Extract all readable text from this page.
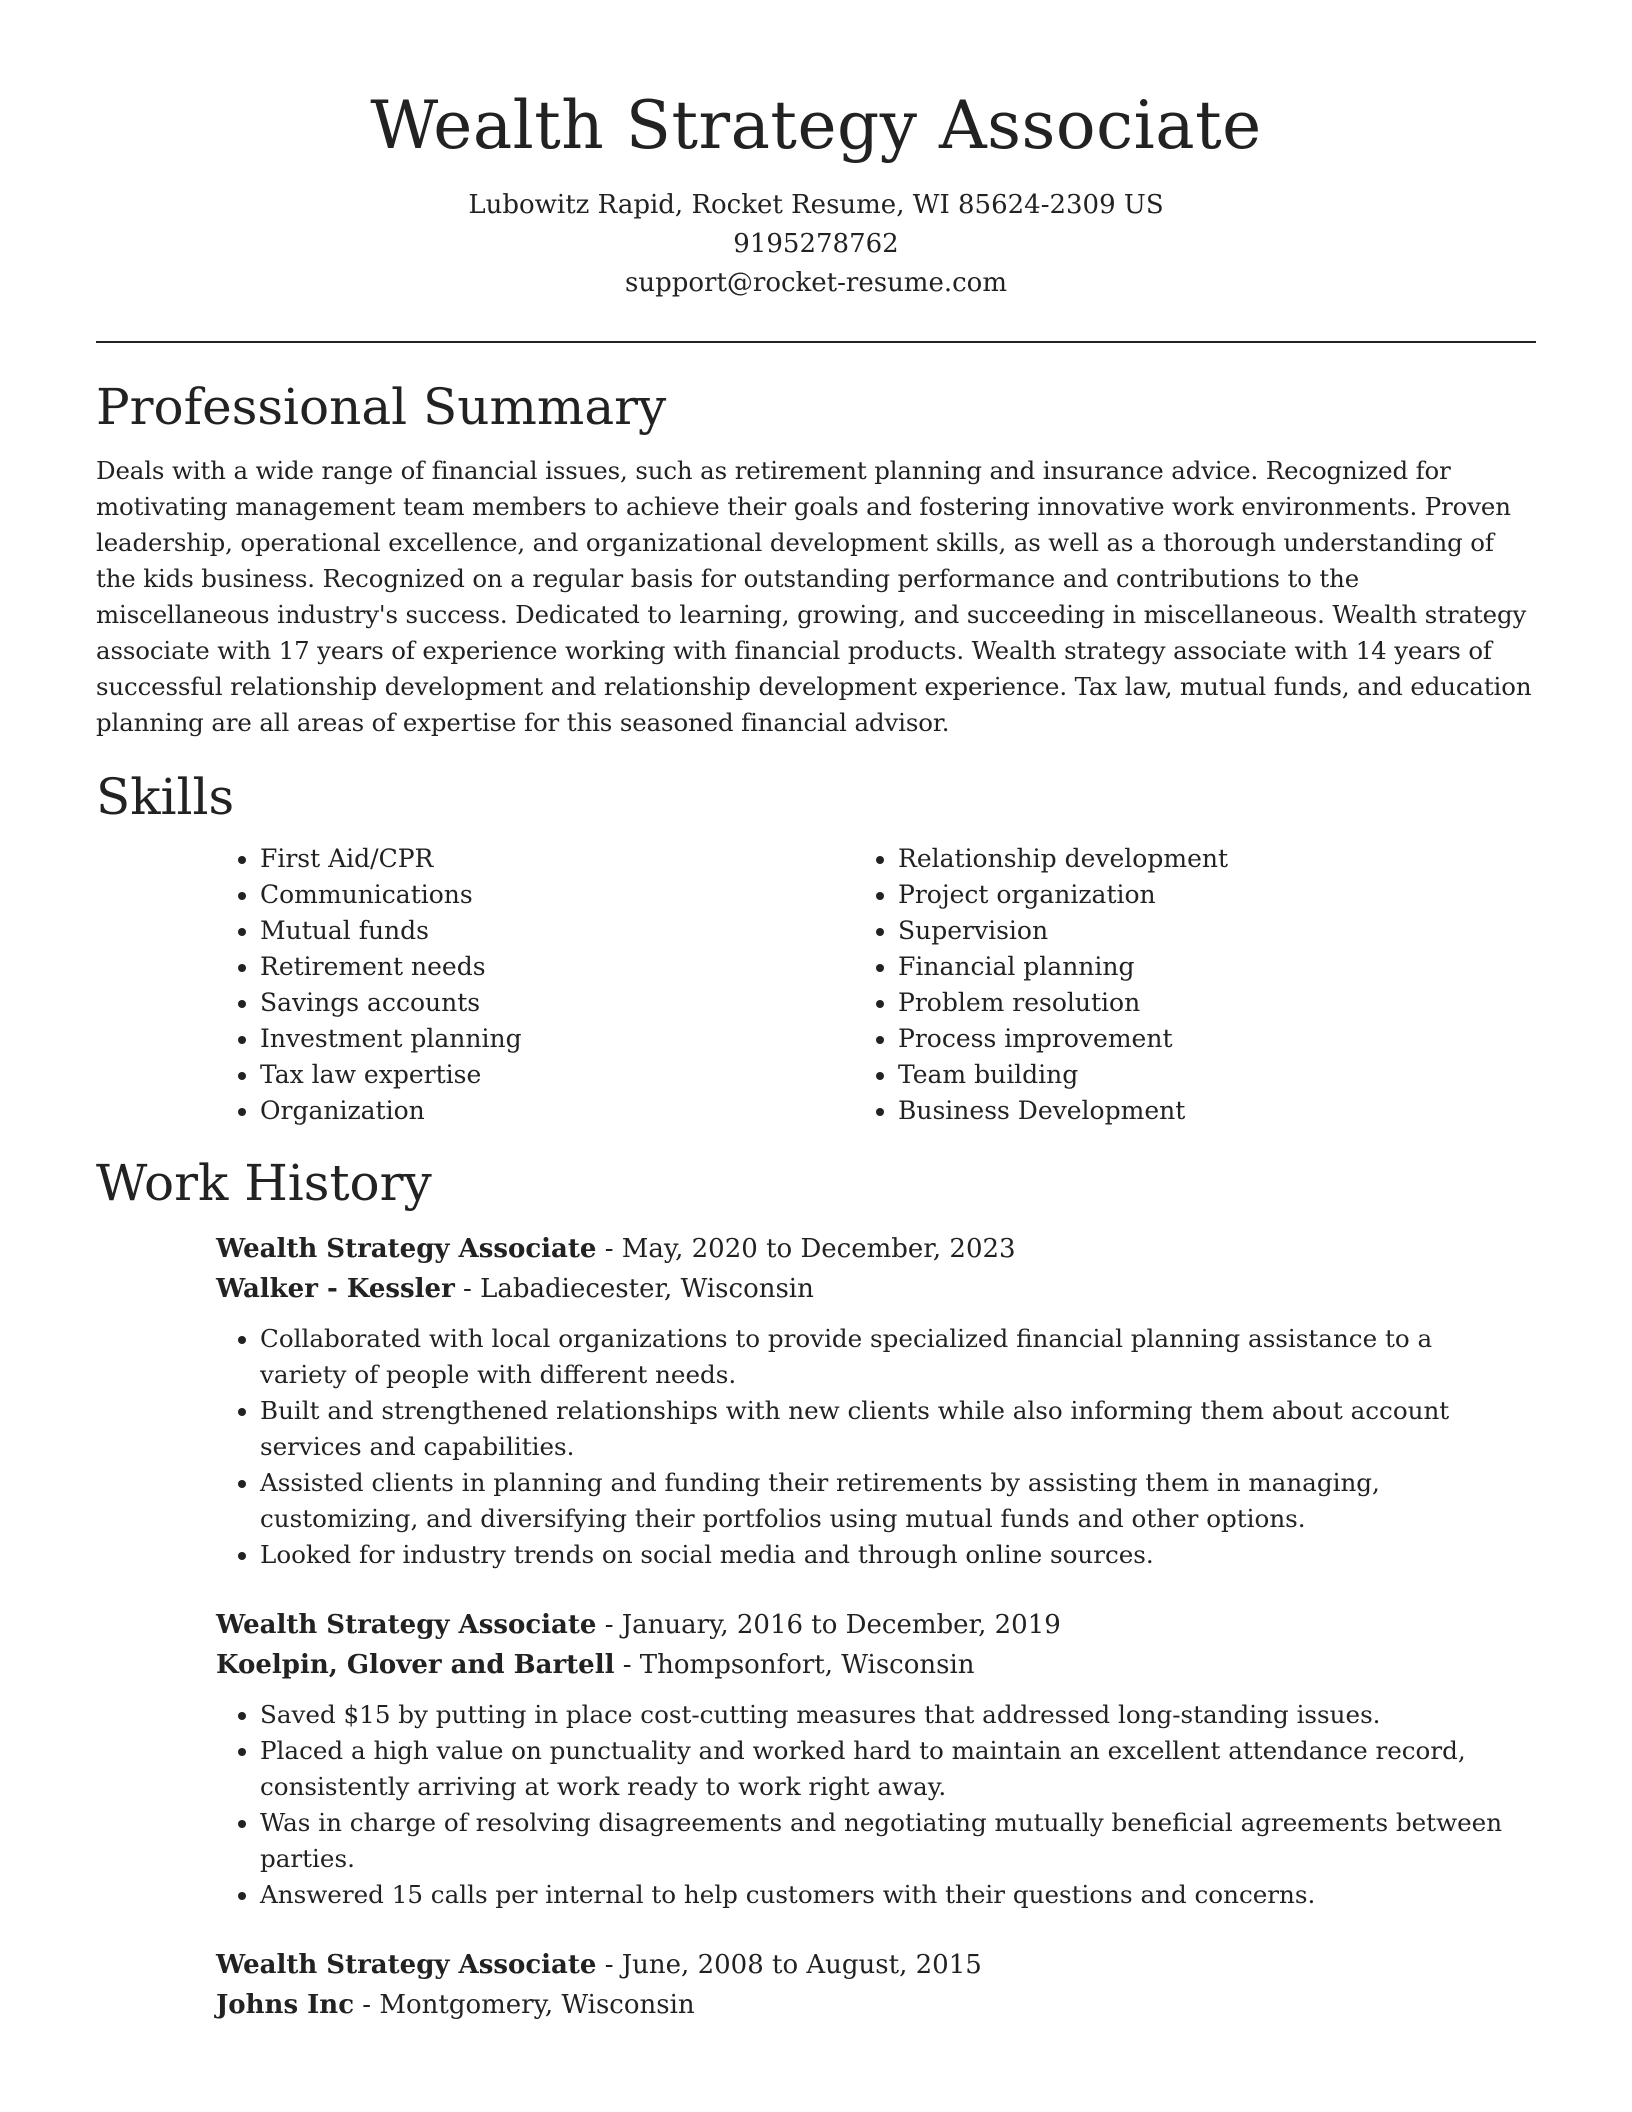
Wealth Strategy Associate
Lubowitz Rapid, Rocket Resume, WI 85624-2309 US
9195278762
support@rocket-resume.com
Professional Summary

Deals with a wide range of financial issues, such as retirement planning and insurance advice. Recognized for motivating management team members to achieve their goals and fostering innovative work environments. Proven leadership, operational excellence, and organizational development skills, as well as a thorough understanding of the kids business. Recognized on a regular basis for outstanding performance and contributions to the miscellaneous industry's success. Dedicated to learning, growing, and succeeding in miscellaneous. Wealth strategy associate with 17 years of experience working with financial products. Wealth strategy associate with 14 years of successful relationship development and relationship development experience. Tax law, mutual funds, and education planning are all areas of expertise for this seasoned financial advisor.

Skills
• First Aid/CPR
• Communications
• Mutual funds
• Retirement needs
• Savings accounts
• Investment planning
• Tax law expertise
• Organization
• Relationship development
• Project organization
• Supervision
• Financial planning
• Problem resolution
• Process improvement
• Team building
• Business Development
Work History
Wealth Strategy Associate - May, 2020 to December, 2023
Walker - Kessler - Labadiecester, Wisconsin
• Collaborated with local organizations to provide specialized financial planning assistance to a variety of people with different needs.
• Built and strengthened relationships with new clients while also informing them about account services and capabilities.
• Assisted clients in planning and funding their retirements by assisting them in managing, customizing, and diversifying their portfolios using mutual funds and other options.
• Looked for industry trends on social media and through online sources.
Wealth Strategy Associate - January, 2016 to December, 2019
Koelpin, Glover and Bartell - Thompsonfort, Wisconsin
• Saved $15 by putting in place cost-cutting measures that addressed long-standing issues.
• Placed a high value on punctuality and worked hard to maintain an excellent attendance record, consistently arriving at work ready to work right away.
• Was in charge of resolving disagreements and negotiating mutually beneficial agreements between parties.
• Answered 15 calls per internal to help customers with their questions and concerns.
Wealth Strategy Associate - June, 2008 to August, 2015
Johns Inc - Montgomery, Wisconsin
